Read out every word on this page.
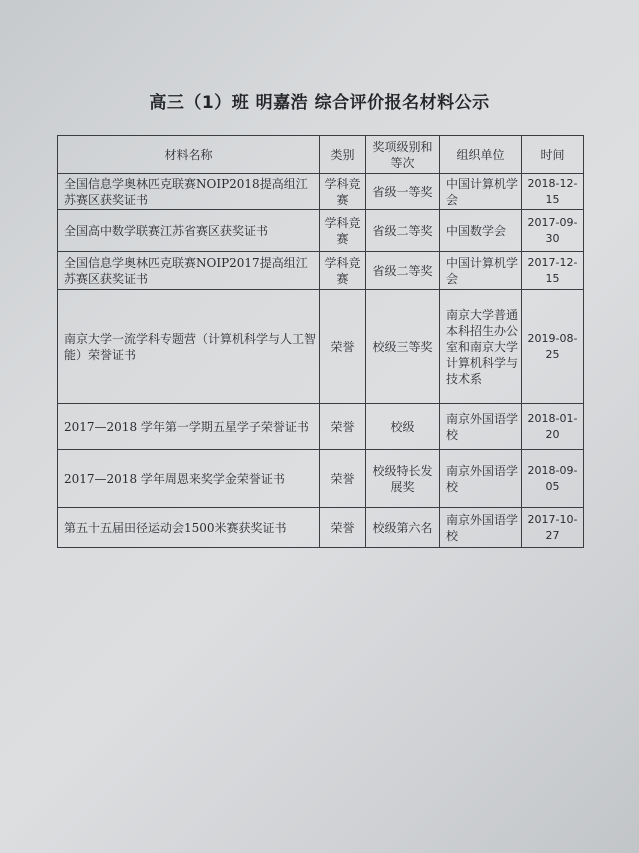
高三（1）班 明嘉浩 综合评价报名材料公示
材料名称	类别	奖项级别和等次	组织单位	时间
全国信息学奥林匹克联赛NOIP2018提高组江苏赛区获奖证书	学科竞赛	省级一等奖	中国计算机学会	2018-12-15
全国高中数学联赛江苏省赛区获奖证书	学科竞赛	省级二等奖	中国数学会	2017-09-30
全国信息学奥林匹克联赛NOIP2017提高组江苏赛区获奖证书	学科竞赛	省级二等奖	中国计算机学会	2017-12-15
南京大学一流学科专题营（计算机科学与人工智能）荣誉证书	荣誉	校级三等奖	南京大学普通本科招生办公室和南京大学计算机科学与技术系	2019-08-25
2017—2018 学年第一学期五星学子荣誉证书	荣誉	校级	南京外国语学校	2018-01-20
2017—2018 学年周恩来奖学金荣誉证书	荣誉	校级特长发展奖	南京外国语学校	2018-09-05
第五十五届田径运动会1500米赛获奖证书	荣誉	校级第六名	南京外国语学校	2017-10-27
